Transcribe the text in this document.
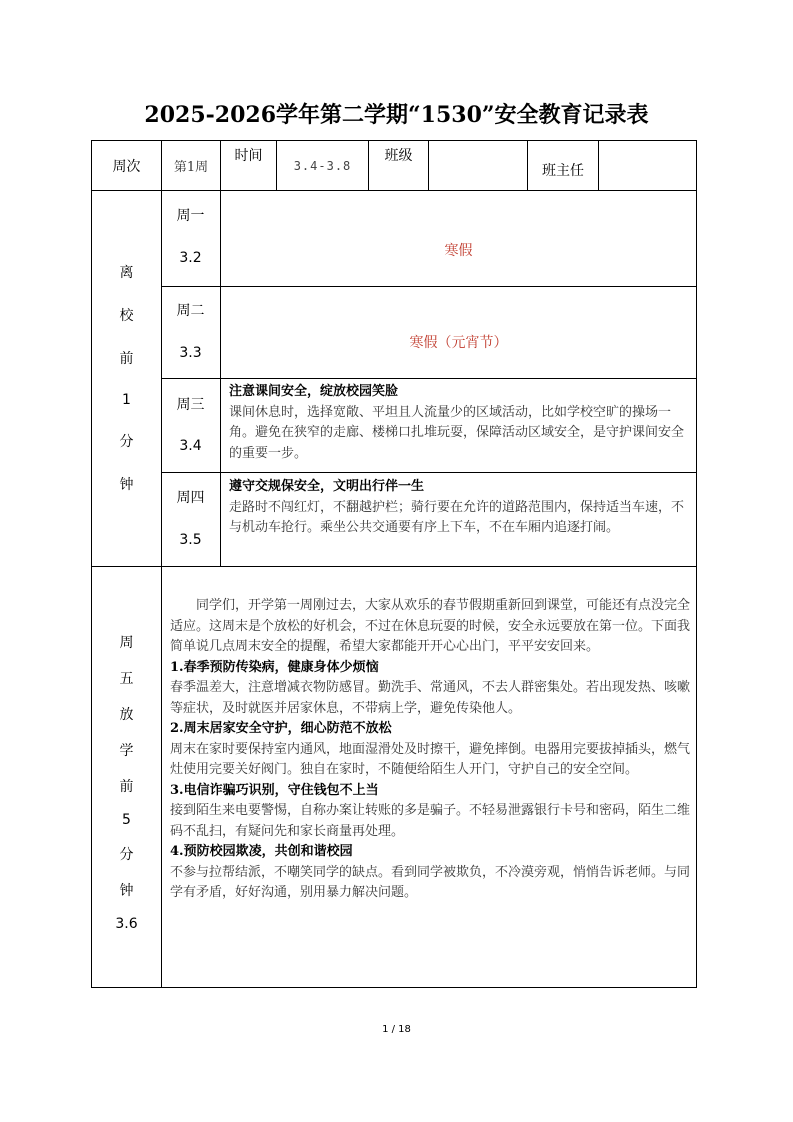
2025-2026学年第二学期“1530”安全教育记录表
周次	第1周
时间
3.4-3.8
班级
班主任
离
校
前
1
分
钟
周一
3.2	寒假
周二
3.3
寒假（元宵节）
周三
3.4
注意课间安全，绽放校园笑脸
课间休息时，选择宽敞、平坦且人流量少的区域活动，比如学校空旷的操场一角。避免在狭窄的走廊、楼梯口扎堆玩耍，保障活动区域安全，是守护课间安全的重要一步。
周四
3.5
遵守交规保安全，文明出行伴一生
走路时不闯红灯，不翻越护栏；骑行要在允许的道路范围内，保持适当车速，不与机动车抢行。乘坐公共交通要有序上下车，不在车厢内追逐打闹。
周
五
放
学
前
5
分
钟
3.6

同学们，开学第一周刚过去，大家从欢乐的春节假期重新回到课堂，可能还有点没完全适应。这周末是个放松的好机会，不过在休息玩耍的时候，安全永远要放在第一位。下面我简单说几点周末安全的提醒，希望大家都能开开心心出门，平平安安回来。

1.春季预防传染病，健康身体少烦恼

春季温差大，注意增减衣物防感冒。勤洗手、常通风，不去人群密集处。若出现发热、咳嗽等症状，及时就医并居家休息，不带病上学，避免传染他人。

2.周末居家安全守护，细心防范不放松

周末在家时要保持室内通风，地面湿滑处及时擦干，避免摔倒。电器用完要拔掉插头，燃气灶使用完要关好阀门。独自在家时，不随便给陌生人开门，守护自己的安全空间。

3.电信诈骗巧识别，守住钱包不上当

接到陌生来电要警惕，自称办案让转账的多是骗子。不轻易泄露银行卡号和密码，陌生二维码不乱扫，有疑问先和家长商量再处理。

4.预防校园欺凌，共创和谐校园

不参与拉帮结派，不嘲笑同学的缺点。看到同学被欺负，不冷漠旁观，悄悄告诉老师。与同学有矛盾，好好沟通，别用暴力解决问题。

1 / 18
